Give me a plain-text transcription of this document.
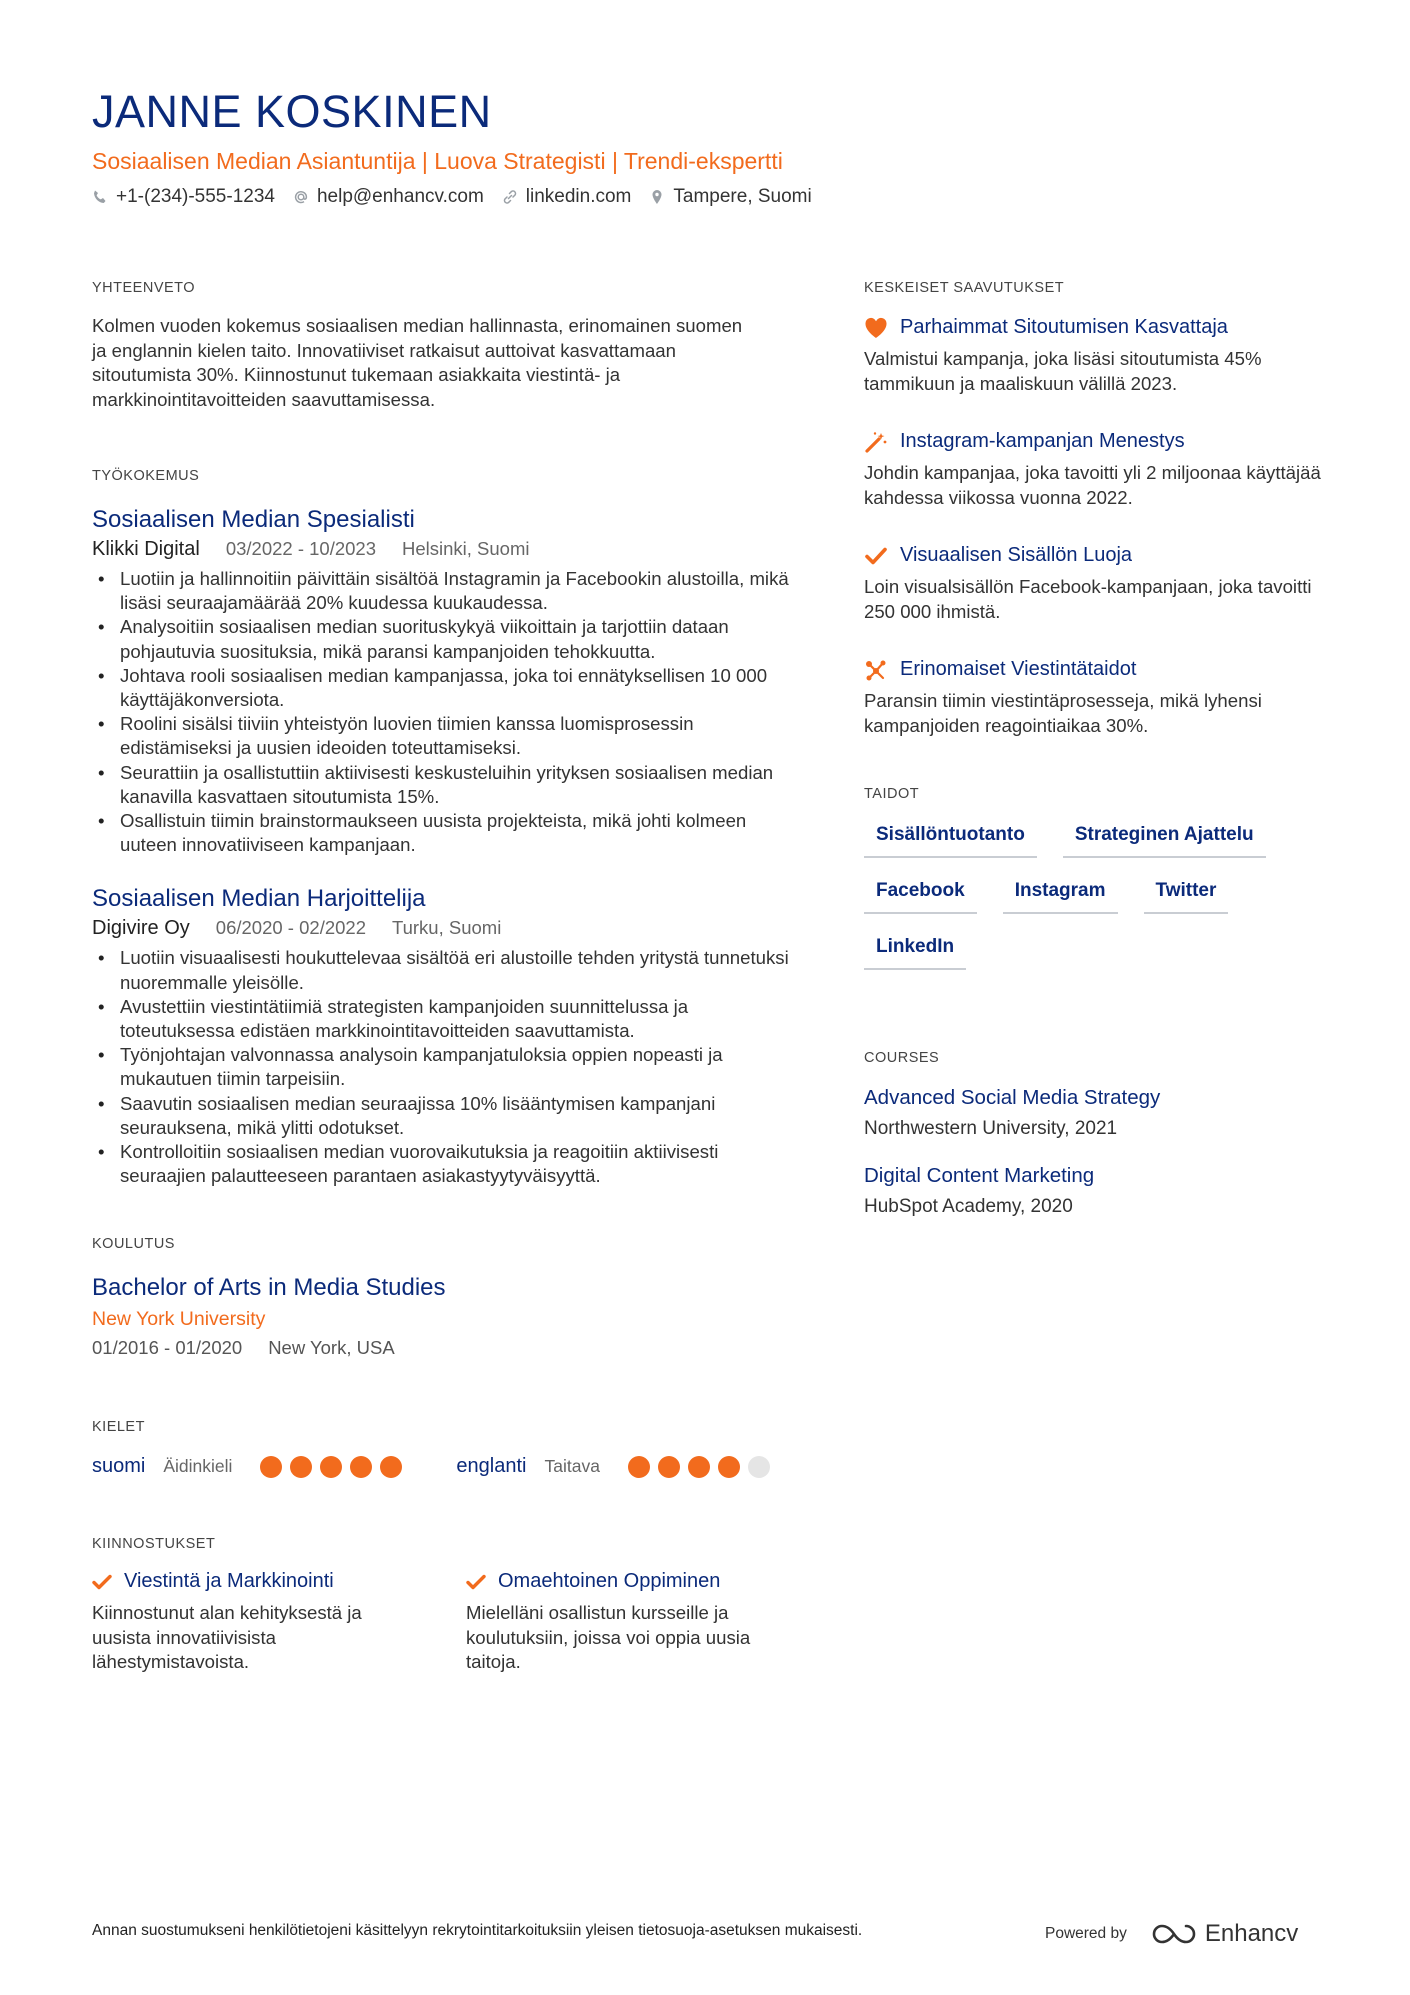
JANNE KOSKINEN
Sosiaalisen Median Asiantuntija | Luova Strategisti | Trendi-ekspertti
+1-(234)-555-1234 help@enhancv.com linkedin.com Tampere, Suomi
YHTEENVETO

Kolmen vuoden kokemus sosiaalisen median hallinnasta, erinomainen suomen ja englannin kielen taito. Innovatiiviset ratkaisut auttoivat kasvattamaan sitoutumista 30%. Kiinnostunut tukemaan asiakkaita viestintä- ja markkinointitavoitteiden saavuttamisessa.

TYÖKOKEMUS
Sosiaalisen Median Spesialisti
Klikki Digital 03/2022 - 10/2023 Helsinki, Suomi
• Luotiin ja hallinnoitiin päivittäin sisältöä Instagramin ja Facebookin alustoilla, mikä lisäsi seuraajamäärää 20% kuudessa kuukaudessa.
• Analysoitiin sosiaalisen median suorituskykyä viikoittain ja tarjottiin dataan pohjautuvia suosituksia, mikä paransi kampanjoiden tehokkuutta.
• Johtava rooli sosiaalisen median kampanjassa, joka toi ennätyksellisen 10 000 käyttäjäkonversiota.
• Roolini sisälsi tiiviin yhteistyön luovien tiimien kanssa luomisprosessin edistämiseksi ja uusien ideoiden toteuttamiseksi.
• Seurattiin ja osallistuttiin aktiivisesti keskusteluihin yrityksen sosiaalisen median kanavilla kasvattaen sitoutumista 15%.
• Osallistuin tiimin brainstormaukseen uusista projekteista, mikä johti kolmeen uuteen innovatiiviseen kampanjaan.
Sosiaalisen Median Harjoittelija
Digivire Oy 06/2020 - 02/2022 Turku, Suomi
• Luotiin visuaalisesti houkuttelevaa sisältöä eri alustoille tehden yritystä tunnetuksi nuoremmalle yleisölle.
• Avustettiin viestintätiimiä strategisten kampanjoiden suunnittelussa ja toteutuksessa edistäen markkinointitavoitteiden saavuttamista.
• Työnjohtajan valvonnassa analysoin kampanjatuloksia oppien nopeasti ja mukautuen tiimin tarpeisiin.
• Saavutin sosiaalisen median seuraajissa 10% lisääntymisen kampanjani seurauksena, mikä ylitti odotukset.
• Kontrolloitiin sosiaalisen median vuorovaikutuksia ja reagoitiin aktiivisesti seuraajien palautteeseen parantaen asiakastyytyväisyyttä.
KOULUTUS
Bachelor of Arts in Media Studies
New York University
01/2016 - 01/2020 New York, USA
KIELET
suomi Äidinkieli	englanti Taitava
KIINNOSTUKSET
Viestintä ja Markkinointi
Kiinnostunut alan kehityksestä ja uusista innovatiivisista lähestymistavoista.
Omaehtoinen Oppiminen
Mielelläni osallistun kursseille ja koulutuksiin, joissa voi oppia uusia taitoja.
KESKEISET SAAVUTUKSET
Parhaimmat Sitoutumisen Kasvattaja
Valmistui kampanja, joka lisäsi sitoutumista 45% tammikuun ja maaliskuun välillä 2023.
Instagram-kampanjan Menestys
Johdin kampanjaa, joka tavoitti yli 2 miljoonaa käyttäjää kahdessa viikossa vuonna 2022.
Visuaalisen Sisällön Luoja
Loin visualsisällön Facebook-kampanjaan, joka tavoitti 250 000 ihmistä.
Erinomaiset Viestintätaidot
Paransin tiimin viestintäprosesseja, mikä lyhensi kampanjoiden reagointiaikaa 30%.
TAIDOT
Sisällöntuotanto	Strateginen Ajattelu
Facebook	Instagram	Twitter
LinkedIn
COURSES
Advanced Social Media Strategy
Northwestern University, 2021
Digital Content Marketing
HubSpot Academy, 2020
Annan suostumukseni henkilötietojeni käsittelyyn rekrytointitarkoituksiin yleisen tietosuoja-asetuksen mukaisesti.	Powered by	Enhancv
